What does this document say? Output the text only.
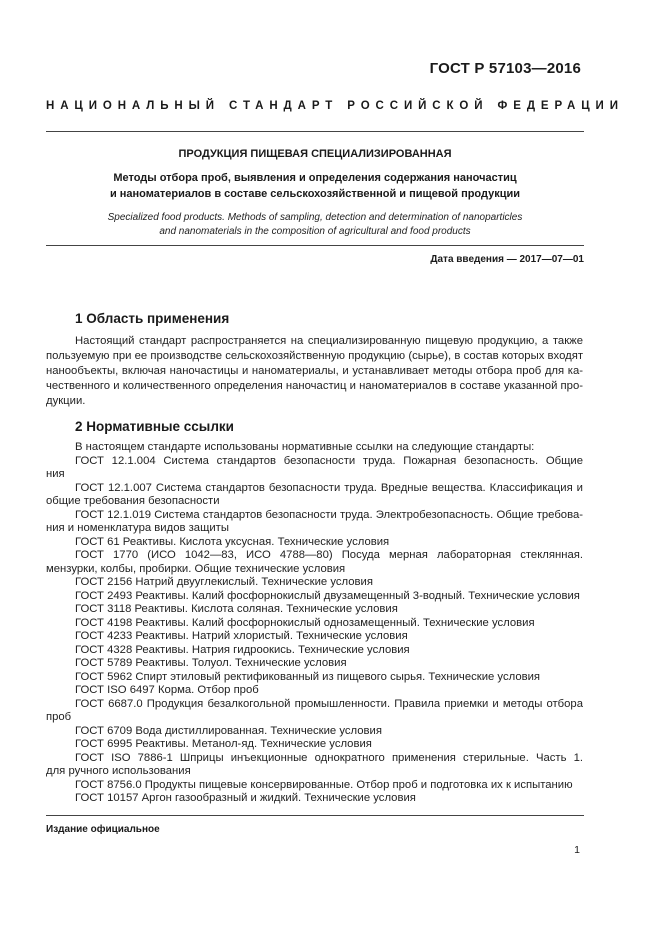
ГОСТ Р 57103—2016
НАЦИОНАЛЬНЫЙ СТАНДАРТ РОССИЙСКОЙ ФЕДЕРАЦИИ
ПРОДУКЦИЯ ПИЩЕВАЯ СПЕЦИАЛИЗИРОВАННАЯ
Методы отбора проб, выявления и определения содержания наночастиц
и наноматериалов в составе сельскохозяйственной и пищевой продукции
Specialized food products. Methods of sampling, detection and determination of nanoparticles
and nanomaterials in the composition of agricultural and food products
Дата введения — 2017—07—01
1 Область применения
Настоящий стандарт распространяется на специализированную пищевую продукцию, а также
пользуемую при ее производстве сельскохозяйственную продукцию (сырье), в состав которых входят
нанообъекты, включая наночастицы и наноматериалы, и устанавливает методы отбора проб для ка-
чественного и количественного определения наночастиц и наноматериалов в составе указанной про-
дукции.
2 Нормативные ссылки
В настоящем стандарте использованы нормативные ссылки на следующие стандарты:
ГОСТ 12.1.004 Система стандартов безопасности труда. Пожарная безопасность. Общие
ния
ГОСТ 12.1.007 Система стандартов безопасности труда. Вредные вещества. Классификация и
общие требования безопасности
ГОСТ 12.1.019 Система стандартов безопасности труда. Электробезопасность. Общие требова-
ния и номенклатура видов защиты
ГОСТ 61 Реактивы. Кислота уксусная. Технические условия
ГОСТ 1770 (ИСО 1042—83, ИСО 4788—80) Посуда мерная лабораторная стеклянная.
мензурки, колбы, пробирки. Общие технические условия
ГОСТ 2156 Натрий двууглекислый. Технические условия
ГОСТ 2493 Реактивы. Калий фосфорнокислый двузамещенный 3-водный. Технические условия
ГОСТ 3118 Реактивы. Кислота соляная. Технические условия
ГОСТ 4198 Реактивы. Калий фосфорнокислый однозамещенный. Технические условия
ГОСТ 4233 Реактивы. Натрий хлористый. Технические условия
ГОСТ 4328 Реактивы. Натрия гидроокись. Технические условия
ГОСТ 5789 Реактивы. Толуол. Технические условия
ГОСТ 5962 Спирт этиловый ректификованный из пищевого сырья. Технические условия
ГОСТ ISO 6497 Корма. Отбор проб
ГОСТ 6687.0 Продукция безалкогольной промышленности. Правила приемки и методы отбора
проб
ГОСТ 6709 Вода дистиллированная. Технические условия
ГОСТ 6995 Реактивы. Метанол-яд. Технические условия
ГОСТ ISO 7886-1 Шприцы инъекционные однократного применения стерильные. Часть 1.
для ручного использования
ГОСТ 8756.0 Продукты пищевые консервированные. Отбор проб и подготовка их к испытанию
ГОСТ 10157 Аргон газообразный и жидкий. Технические условия
Издание официальное
1
